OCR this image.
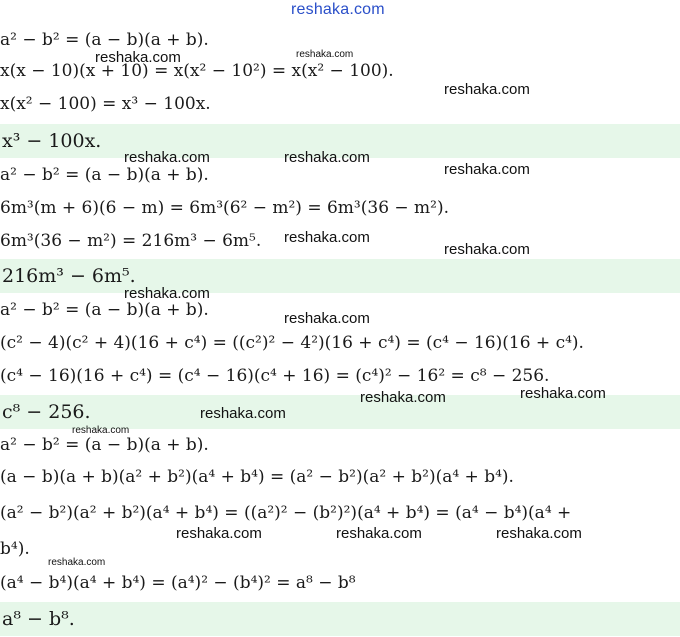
reshaka.com
a² − b² = (a − b)(a + b).
x(x − 10)(x + 10) = x(x² − 10²) = x(x² − 100).
x(x² − 100) = x³ − 100x.
x³ − 100x.
a² − b² = (a − b)(a + b).
6m³(m + 6)(6 − m) = 6m³(6² − m²) = 6m³(36 − m²).
6m³(36 − m²) = 216m³ − 6m⁵.
216m³ − 6m⁵.
a² − b² = (a − b)(a + b).
(c² − 4)(c² + 4)(16 + c⁴) = ((c²)² − 4²)(16 + c⁴) = (c⁴ − 16)(16 + c⁴).
(c⁴ − 16)(16 + c⁴) = (c⁴ − 16)(c⁴ + 16) = (c⁴)² − 16² = c⁸ − 256.
c⁸ − 256.
a² − b² = (a − b)(a + b).
(a − b)(a + b)(a² + b²)(a⁴ + b⁴) = (a² − b²)(a² + b²)(a⁴ + b⁴).
(a² − b²)(a² + b²)(a⁴ + b⁴) = ((a²)² − (b²)²)(a⁴ + b⁴) = (a⁴ − b⁴)(a⁴ +
b⁴).
(a⁴ − b⁴)(a⁴ + b⁴) = (a⁴)² − (b⁴)² = a⁸ − b⁸
a⁸ − b⁸.
reshaka.com	reshaka.com
reshaka.com
reshaka.com	reshaka.com
reshaka.com
reshaka.com
reshaka.com
reshaka.com
reshaka.com
reshaka.com	reshaka.com
reshaka.com
reshaka.com
reshaka.com	reshaka.com	reshaka.com
reshaka.com
